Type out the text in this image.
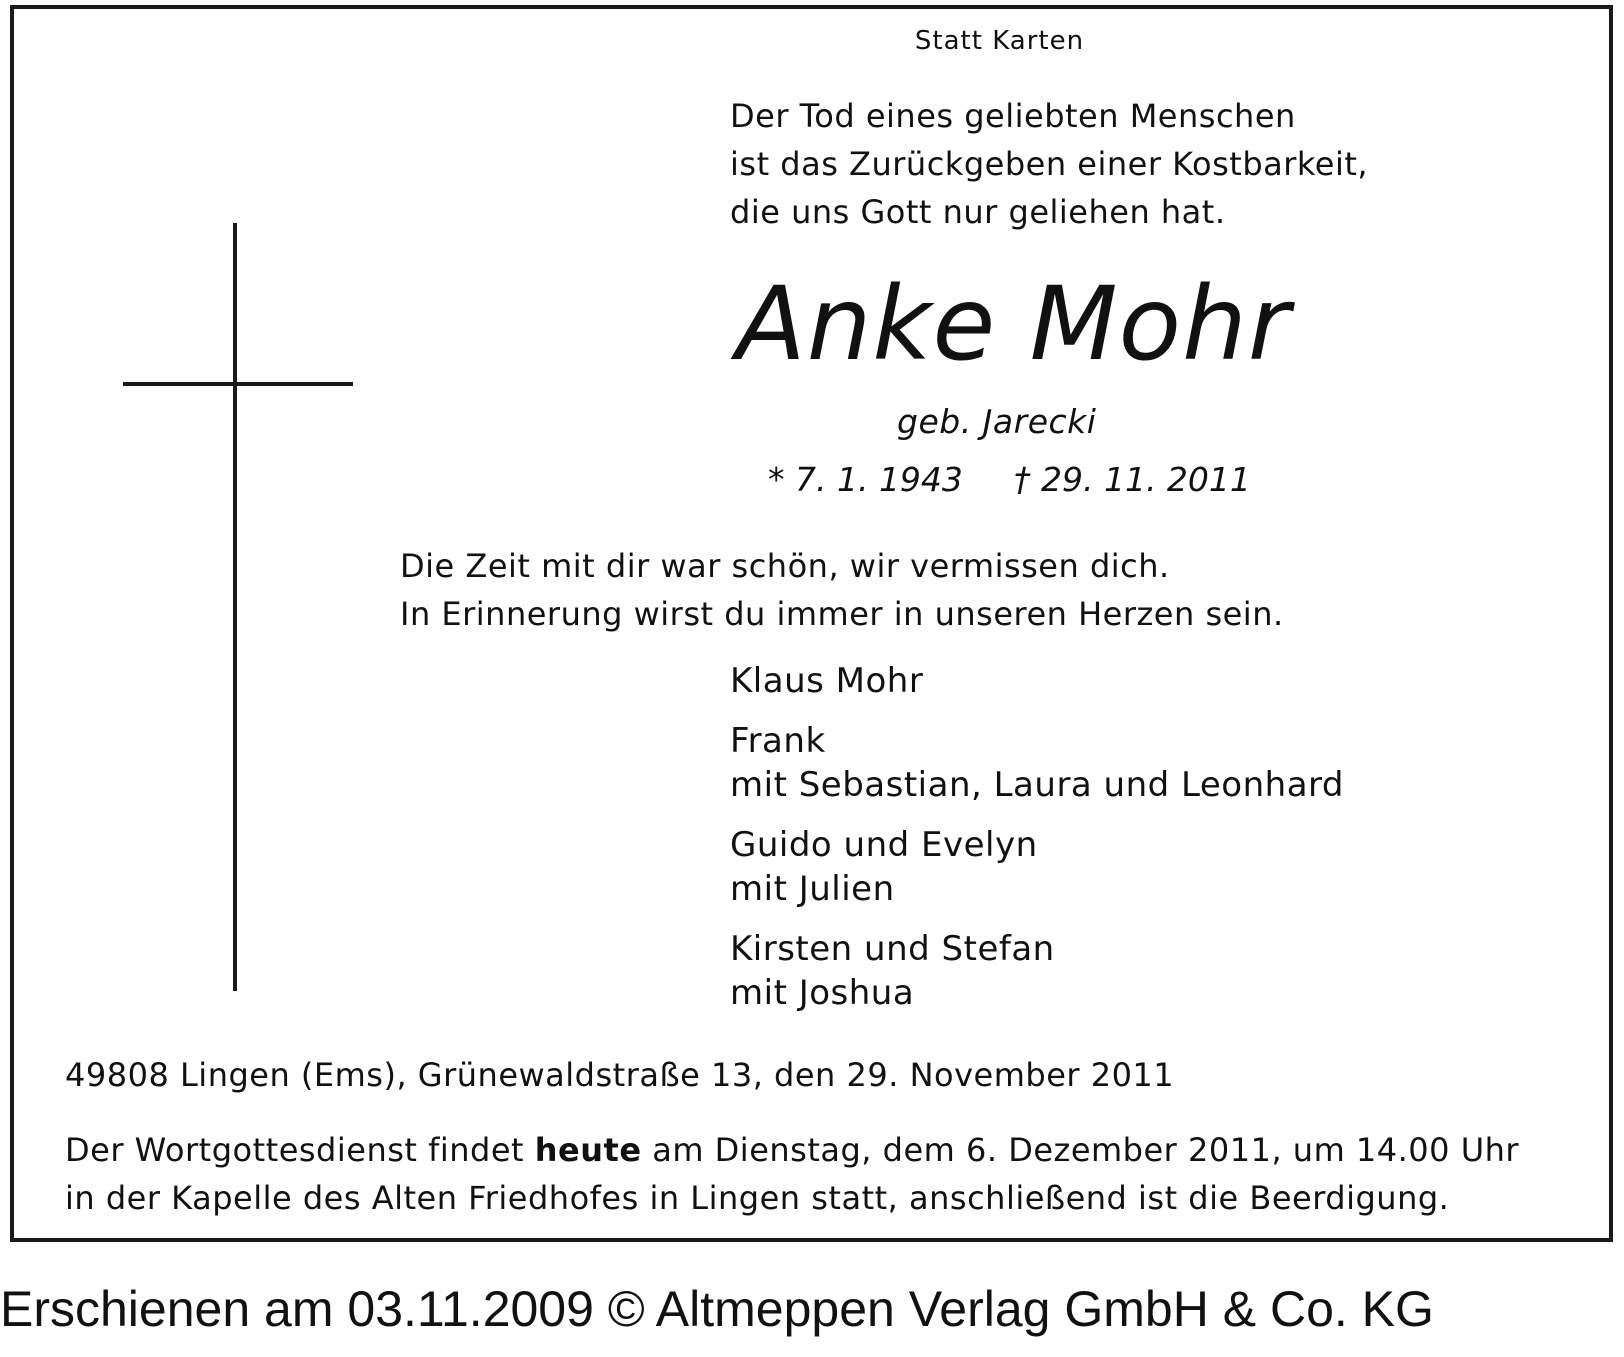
Statt Karten

Der Tod eines geliebten Menschen
ist das Zurückgeben einer Kostbarkeit,
die uns Gott nur geliehen hat.

Anke Mohr

geb. Jarecki

* 7. 1. 1943 † 29. 11. 2011

Die Zeit mit dir war schön, wir vermissen dich.
In Erinnerung wirst du immer in unseren Herzen sein.
Klaus Mohr
Frank
mit Sebastian, Laura und Leonhard
Guido und Evelyn
mit Julien
Kirsten und Stefan
mit Joshua

49808 Lingen (Ems), Grünewaldstraße 13, den 29. November 2011

Der Wortgottesdienst findet heute am Dienstag, dem 6. Dezember 2011, um 14.00 Uhr
in der Kapelle des Alten Friedhofes in Lingen statt, anschließend ist die Beerdigung.

Erschienen am 03.11.2009 © Altmeppen Verlag GmbH & Co. KG
